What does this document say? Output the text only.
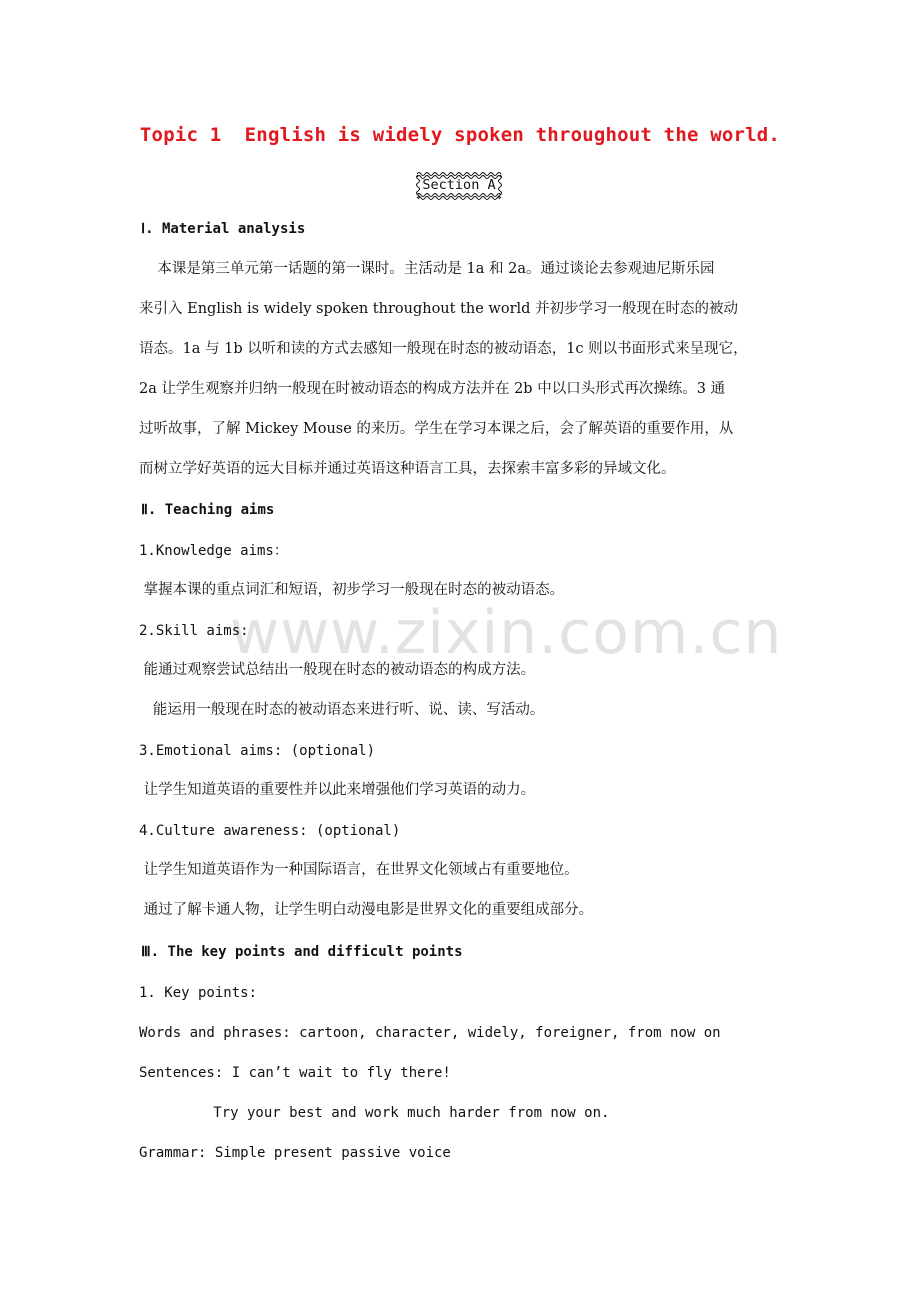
www.zixin.com.cn
Topic 1  English is widely spoken throughout the world.
Section A
Ⅰ. Material analysis
本课是第三单元第一话题的第一课时。主活动是 1a 和 2a。通过谈论去参观迪尼斯乐园
来引入 English is widely spoken throughout the world 并初步学习一般现在时态的被动
语态。1a 与 1b 以听和读的方式去感知一般现在时态的被动语态，1c 则以书面形式来呈现它，
2a 让学生观察并归纳一般现在时被动语态的构成方法并在 2b 中以口头形式再次操练。3 通
过听故事，了解 Mickey Mouse 的来历。学生在学习本课之后，会了解英语的重要作用，从
而树立学好英语的远大目标并通过英语这种语言工具，去探索丰富多彩的异域文化。
Ⅱ. Teaching aims
1.Knowledge aims：
掌握本课的重点词汇和短语，初步学习一般现在时态的被动语态。
2.Skill aims:
能通过观察尝试总结出一般现在时态的被动语态的构成方法。
能运用一般现在时态的被动语态来进行听、说、读、写活动。
3.Emotional aims: (optional)
让学生知道英语的重要性并以此来增强他们学习英语的动力。
4.Culture awareness: (optional)
让学生知道英语作为一种国际语言，在世界文化领域占有重要地位。
通过了解卡通人物，让学生明白动漫电影是世界文化的重要组成部分。
Ⅲ. The key points and difficult points
1. Key points:
Words and phrases: cartoon, character, widely, foreigner, from now on
Sentences: I can’t wait to fly there!
Try your best and work much harder from now on.
Grammar: Simple present passive voice
